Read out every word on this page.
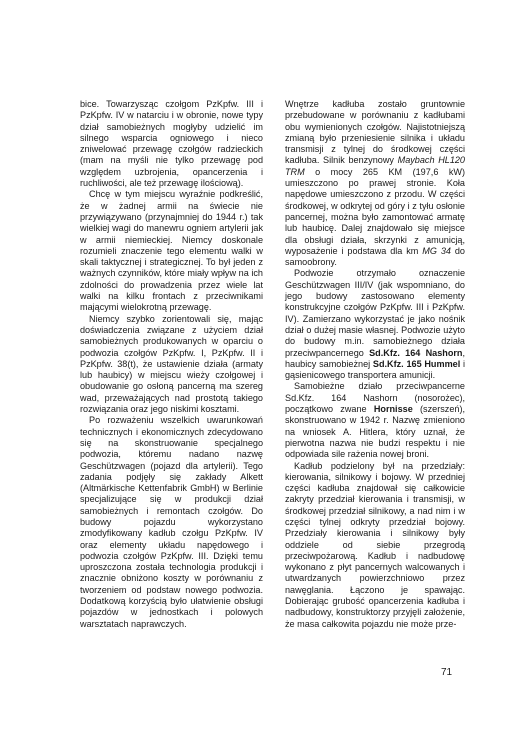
bice. Towarzysząc czołgom PzKpfw. III i PzKpfw. IV w natarciu i w obronie, nowe typy dział samobieżnych mogłyby udzielić im silnego wsparcia ogniowego i nieco zniwelować przewagę czołgów radzieckich (mam na myśli nie tylko przewagę pod względem uzbrojenia, opancerzenia i ruchliwości, ale też przewagę ilościową).

Chcę w tym miejscu wyraźnie podkreślić, że w żadnej armii na świecie nie przywiązywano (przynajmniej do 1944 r.) tak wielkiej wagi do manewru ogniem artylerii jak w armii niemieckiej. Niemcy doskonale rozumieli znaczenie tego elementu walki w skali taktycznej i strategicznej. To był jeden z ważnych czynników, które miały wpływ na ich zdolności do prowadzenia przez wiele lat walki na kilku frontach z przeciwnikami mającymi wielokrotną przewagę.

Niemcy szybko zorientowali się, mając doświadczenia związane z użyciem dział samobieżnych produkowanych w oparciu o podwozia czołgów PzKpfw. I, PzKpfw. II i PzKpfw. 38(t), że ustawienie działa (armaty lub haubicy) w miejscu wieży czołgowej i obudowanie go osłoną pancerną ma szereg wad, przeważających nad prostotą takiego rozwiązania oraz jego niskimi kosztami.

Po rozważeniu wszelkich uwarunkowań technicznych i ekonomicznych zdecydowano się na skonstruowanie specjalnego podwozia, któremu nadano nazwę Geschützwagen (pojazd dla artylerii). Tego zadania podjęły się zakłady Alkett (Altmärkische Kettenfabrik GmbH) w Berlinie specjalizujące się w produkcji dział samobieżnych i remontach czołgów. Do budowy pojazdu wykorzystano zmodyfikowany kadłub czołgu PzKpfw. IV oraz elementy układu napędowego i podwozia czołgów PzKpfw. III. Dzięki temu uproszczona została technologia produkcji i znacznie obniżono koszty w porównaniu z tworzeniem od podstaw nowego podwozia. Dodatkową korzyścią było ułatwienie obsługi pojazdów w jednostkach i polowych warsztatach naprawczych.

Wnętrze kadłuba zostało gruntownie przebudowane w porównaniu z kadłubami obu wymienionych czołgów. Najistotniejszą zmianą było przeniesienie silnika i układu transmisji z tylnej do środkowej części kadłuba. Silnik benzynowy Maybach HL120 TRM o mocy 265 KM (197,6 kW) umieszczono po prawej stronie. Koła napędowe umieszczono z przodu. W części środkowej, w odkrytej od góry i z tyłu osłonie pancernej, można było zamontować armatę lub haubicę. Dalej znajdowało się miejsce dla obsługi działa, skrzynki z amunicją, wyposażenie i podstawa dla km MG 34 do samoobrony.

Podwozie otrzymało oznaczenie Geschützwagen III/IV (jak wspomniano, do jego budowy zastosowano elementy konstrukcyjne czołgów PzKpfw. III i PzKpfw. IV). Zamierzano wykorzystać je jako nośnik dział o dużej masie własnej. Podwozie użyto do budowy m.in. samobieżnego działa przeciwpancernego Sd.Kfz. 164 Nashorn, haubicy samobieżnej Sd.Kfz. 165 Hummel i gąsienicowego transportera amunicji.

Samobieżne działo przeciwpancerne Sd.Kfz. 164 Nashorn (nosorożec), początkowo zwane Hornisse (szerszeń), skonstruowano w 1942 r. Nazwę zmieniono na wniosek A. Hitlera, który uznał, że pierwotna nazwa nie budzi respektu i nie odpowiada sile rażenia nowej broni.

Kadłub podzielony był na przedziały: kierowania, silnikowy i bojowy. W przedniej części kadłuba znajdował się całkowicie zakryty przedział kierowania i transmisji, w środkowej przedział silnikowy, a nad nim i w części tylnej odkryty przedział bojowy. Przedziały kierowania i silnikowy były oddziele od siebie przegrodą przeciwpożarową. Kadłub i nadbudowę wykonano z płyt pancernych walcowanych i utwardzanych powierzchniowo przez nawęglania. Łączono je spawając. Dobierając grubość opancerzenia kadłuba i nadbudowy, konstruktorzy przyjęli założenie, że masa całkowita pojazdu nie może prze-

71
